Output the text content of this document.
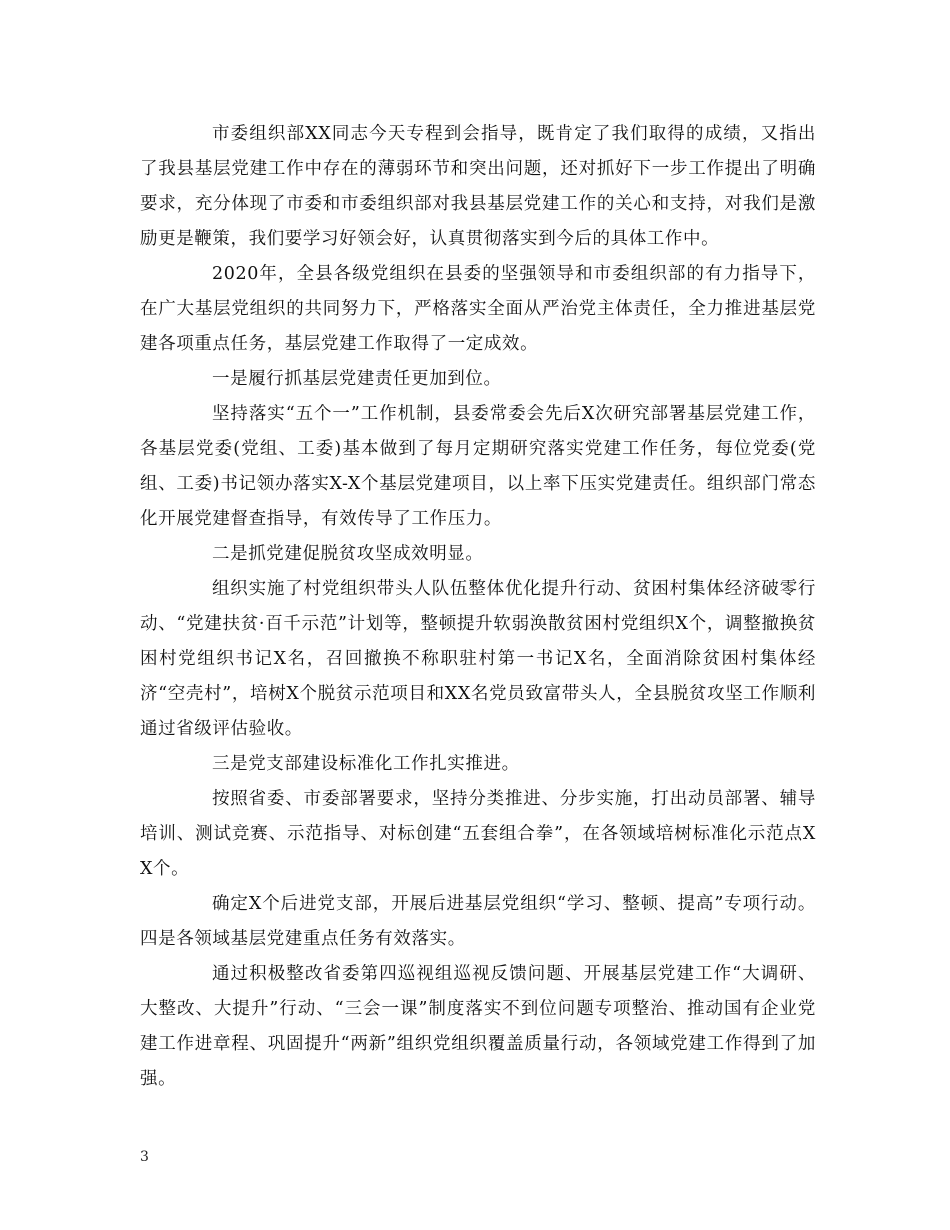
市委组织部XX同志今天专程到会指导，既肯定了我们取得的成绩，又指出了我县基层党建工作中存在的薄弱环节和突出问题，还对抓好下一步工作提出了明确要求，充分体现了市委和市委组织部对我县基层党建工作的关心和支持，对我们是激励更是鞭策，我们要学习好领会好，认真贯彻落实到今后的具体工作中。

2020年，全县各级党组织在县委的坚强领导和市委组织部的有力指导下，在广大基层党组织的共同努力下，严格落实全面从严治党主体责任，全力推进基层党建各项重点任务，基层党建工作取得了一定成效。

一是履行抓基层党建责任更加到位。

坚持落实“五个一”工作机制，县委常委会先后X次研究部署基层党建工作，各基层党委(党组、工委)基本做到了每月定期研究落实党建工作任务，每位党委(党组、工委)书记领办落实X-X个基层党建项目，以上率下压实党建责任。组织部门常态化开展党建督查指导，有效传导了工作压力。

二是抓党建促脱贫攻坚成效明显。

组织实施了村党组织带头人队伍整体优化提升行动、贫困村集体经济破零行动、“党建扶贫·百千示范”计划等，整顿提升软弱涣散贫困村党组织X个，调整撤换贫困村党组织书记X名，召回撤换不称职驻村第一书记X名，全面消除贫困村集体经济“空壳村”，培树X个脱贫示范项目和XX名党员致富带头人，全县脱贫攻坚工作顺利通过省级评估验收。

三是党支部建设标准化工作扎实推进。

按照省委、市委部署要求，坚持分类推进、分步实施，打出动员部署、辅导培训、测试竞赛、示范指导、对标创建“五套组合拳”，在各领域培树标准化示范点XX个。

确定X个后进党支部，开展后进基层党组织“学习、整顿、提高”专项行动。四是各领域基层党建重点任务有效落实。

通过积极整改省委第四巡视组巡视反馈问题、开展基层党建工作“大调研、大整改、大提升”行动、“三会一课”制度落实不到位问题专项整治、推动国有企业党建工作进章程、巩固提升“两新”组织党组织覆盖质量行动，各领域党建工作得到了加强。

3
